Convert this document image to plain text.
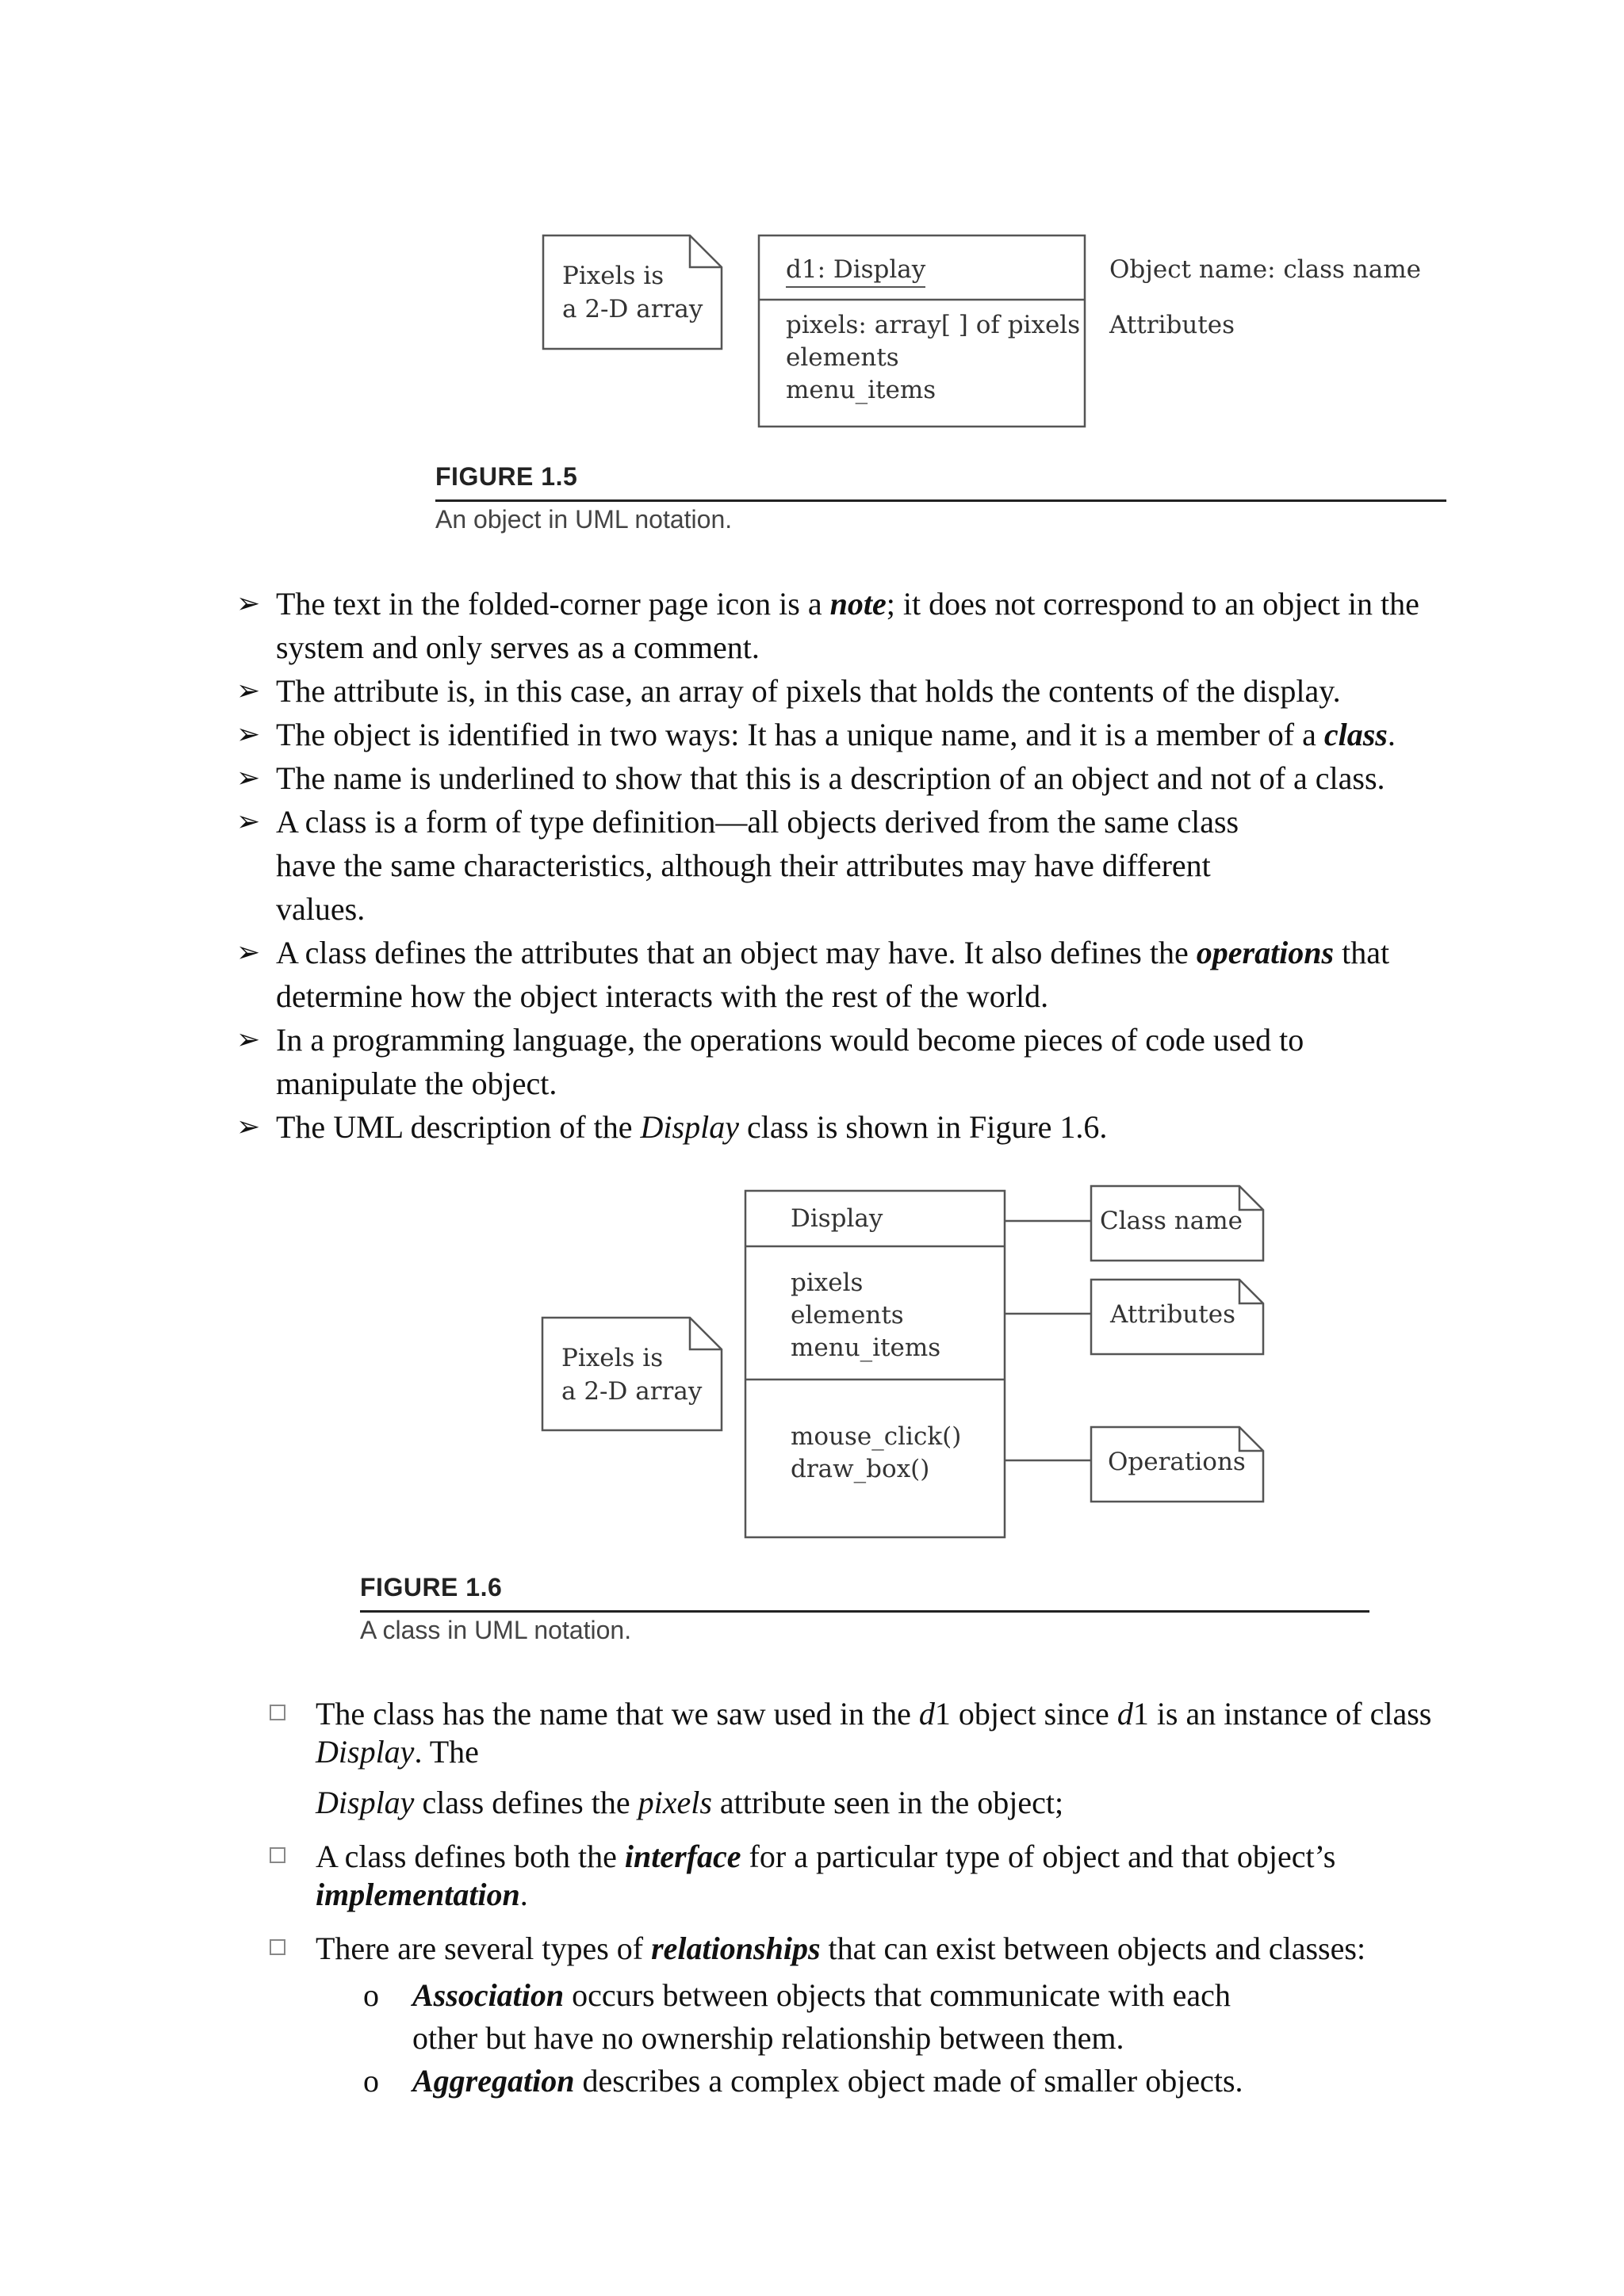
Pixels is
a 2-D array
d1: Display
pixels: array[ ] of pixels
elements
menu_items
Object name: class name
Attributes
FIGURE 1.5
An object in UML notation.
➢ The text in the folded-corner page icon is a note; it does not correspond to an object in the system and only serves as a comment.
➢ The attribute is, in this case, an array of pixels that holds the contents of the display.
➢ The object is identified in two ways: It has a unique name, and it is a member of a class.
➢ The name is underlined to show that this is a description of an object and not of a class.
➢ A class is a form of type definition—all objects derived from the same class have the same characteristics, although their attributes may have different values.
➢ A class defines the attributes that an object may have. It also defines the operations that determine how the object interacts with the rest of the world.
➢ In a programming language, the operations would become pieces of code used to manipulate the object.
➢ The UML description of the Display class is shown in Figure 1.6.
Display
pixels
elements
menu_items
mouse_click()
draw_box()
Pixels is
a 2-D array
Class name
Attributes
Operations
FIGURE 1.6
A class in UML notation.

The class has the name that we saw used in the d1 object since d1 is an instance of class Display. The

Display class defines the pixels attribute seen in the object;

A class defines both the interface for a particular type of object and that object’s implementation.

There are several types of relationships that can exist between objects and classes:

o Association occurs between objects that communicate with each other but have no ownership relationship between them.
o Aggregation describes a complex object made of smaller objects.
